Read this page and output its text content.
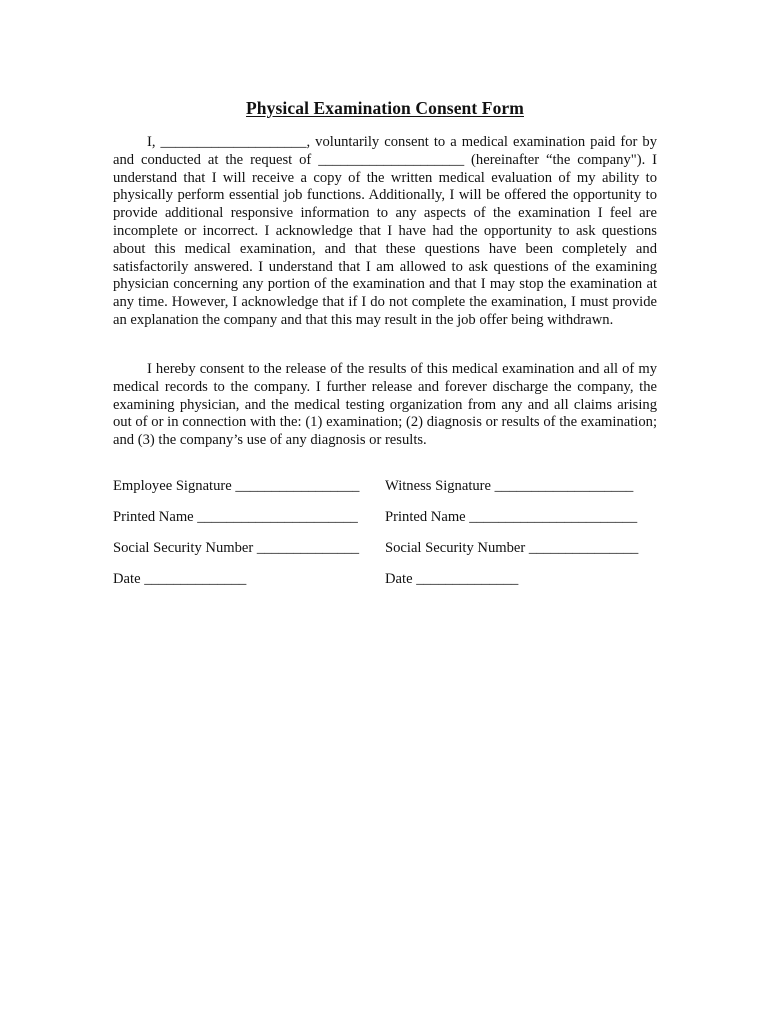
Physical Examination Consent Form

I, ____________________, voluntarily consent to a medical examination paid for by and conducted at the request of ____________________ (hereinafter “the company"). I understand that I will receive a copy of the written medical evaluation of my ability to physically perform essential job functions. Additionally, I will be offered the opportunity to provide additional responsive information to any aspects of the examination I feel are incomplete or incorrect. I acknowledge that I have had the opportunity to ask questions about this medical examination, and that these questions have been completely and satisfactorily answered. I understand that I am allowed to ask questions of the examining physician concerning any portion of the examination and that I may stop the examination at any time. However, I acknowledge that if I do not complete the examination, I must provide an explanation the company and that this may result in the job offer being withdrawn.

I hereby consent to the release of the results of this medical examination and all of my medical records to the company. I further release and forever discharge the company, the examining physician, and the medical testing organization from any and all claims arising out of or in connection with the: (1) examination; (2) diagnosis or results of the examination; and (3) the company’s use of any diagnosis or results.

Employee Signature _________________ Witness Signature ___________________
Printed Name ______________________ Printed Name _______________________
Social Security Number ______________ Social Security Number _______________
Date ______________	Date ______________
